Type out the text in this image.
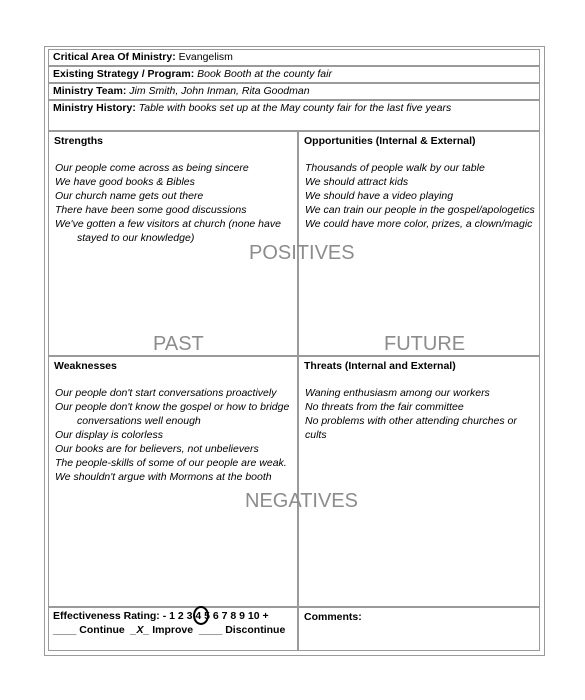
Critical Area Of Ministry: Evangelism
Existing Strategy / Program: Book Booth at the county fair
Ministry Team: Jim Smith, John Inman, Rita Goodman
Ministry History: Table with books set up at the May county fair for the last five years
Strengths
Our people come across as being sincere
We have good books & Bibles
Our church name gets out there
There have been some good discussions
We've gotten a few visitors at church (none have
stayed to our knowledge)
Opportunities (Internal & External)
Thousands of people walk by our table
We should attract kids
We should have a video playing
We can train our people in the gospel/apologetics
We could have more color, prizes, a clown/magic
Weaknesses
Our people don't start conversations proactively
Our people don't know the gospel or how to bridge
conversations well enough
Our display is colorless
Our books are for believers, not unbelievers
The people-skills of some of our people are weak.
We shouldn't argue with Mormons at the booth
Threats (Internal and External)
Waning enthusiasm among our workers
No threats from the fair committee
No problems with other attending churches or
cults
POSITIVES
PAST	FUTURE
NEGATIVES
Effectiveness Rating: - 1 2 3 4 5 6 7 8 9 10 +
____ Continue _X_ Improve ____ Discontinue
Comments:
